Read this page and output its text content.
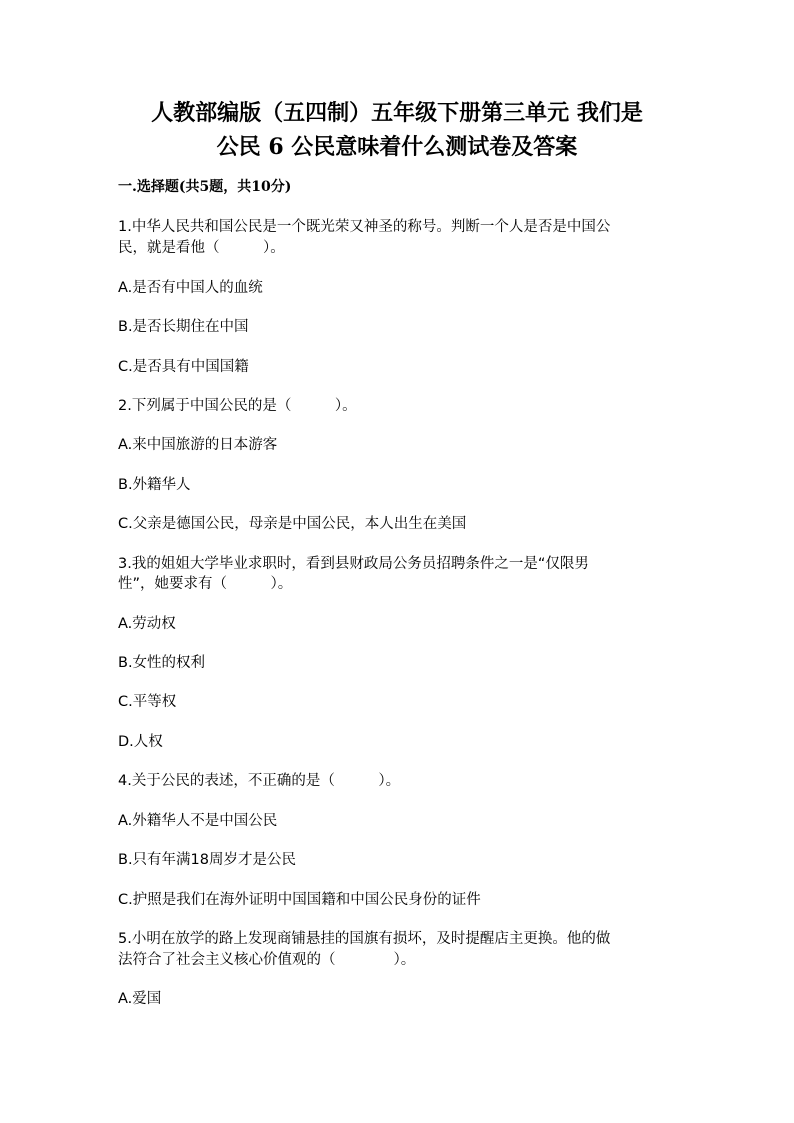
人教部编版（五四制）五年级下册第三单元 我们是
公民 6 公民意味着什么测试卷及答案
一.选择题(共5题，共10分)
1.中华人民共和国公民是一个既光荣又神圣的称号。判断一个人是否是中国公
民，就是看他（　　　）。
A.是否有中国人的血统
B.是否长期住在中国
C.是否具有中国国籍
2.下列属于中国公民的是（　　　）。
A.来中国旅游的日本游客
B.外籍华人
C.父亲是德国公民，母亲是中国公民，本人出生在美国
3.我的姐姐大学毕业求职时，看到县财政局公务员招聘条件之一是“仅限男
性”，她要求有（　　　）。
A.劳动权
B.女性的权利
C.平等权
D.人权
4.关于公民的表述，不正确的是（　　　）。
A.外籍华人不是中国公民
B.只有年满18周岁才是公民
C.护照是我们在海外证明中国国籍和中国公民身份的证件
5.小明在放学的路上发现商铺悬挂的国旗有损坏，及时提醒店主更换。他的做
法符合了社会主义核心价值观的（　　　　）。
A.爱国
